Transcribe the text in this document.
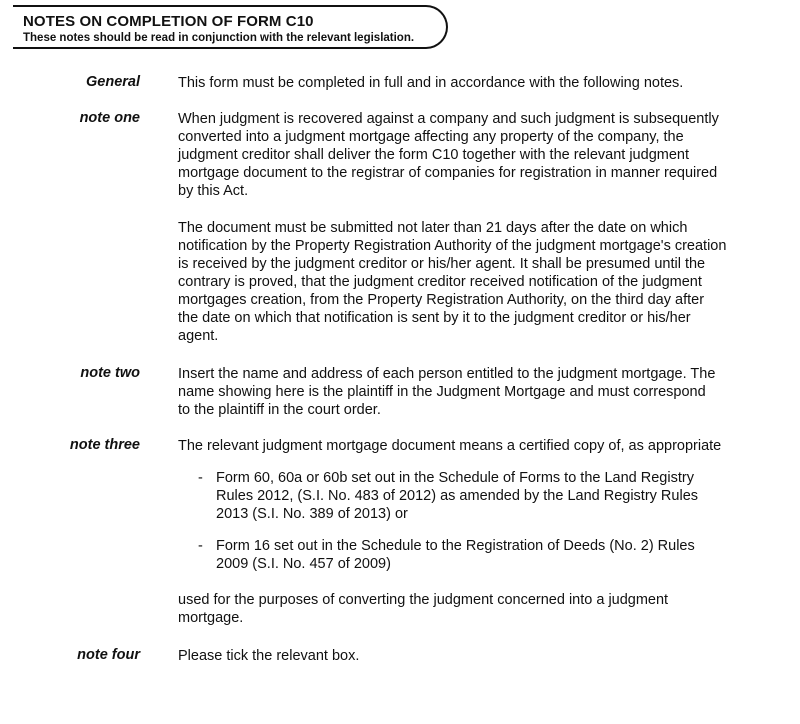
NOTES ON COMPLETION OF FORM C10
These notes should be read in conjunction with the relevant legislation.
General	This form must be completed in full and in accordance with the following notes.
note one	When judgment is recovered against a company and such judgment is subsequently
converted into a judgment mortgage affecting any property of the company, the
judgment creditor shall deliver the form C10 together with the relevant judgment
mortgage document to the registrar of companies for registration in manner required
by this Act.
The document must be submitted not later than 21 days after the date on which
notification by the Property Registration Authority of the judgment mortgage's creation
is received by the judgment creditor or his/her agent. It shall be presumed until the
contrary is proved, that the judgment creditor received notification of the judgment
mortgages creation, from the Property Registration Authority, on the third day after
the date on which that notification is sent by it to the judgment creditor or his/her
agent.
note two	Insert the name and address of each person entitled to the judgment mortgage. The
name showing here is the plaintiff in the Judgment Mortgage and must correspond
to the plaintiff in the court order.
note three	The relevant judgment mortgage document means a certified copy of, as appropriate
- Form 60, 60a or 60b set out in the Schedule of Forms to the Land Registry
Rules 2012, (S.I. No. 483 of 2012) as amended by the Land Registry Rules
2013 (S.I. No. 389 of 2013) or
- Form 16 set out in the Schedule to the Registration of Deeds (No. 2) Rules
2009 (S.I. No. 457 of 2009)
used for the purposes of converting the judgment concerned into a judgment
mortgage.
note four	Please tick the relevant box.
